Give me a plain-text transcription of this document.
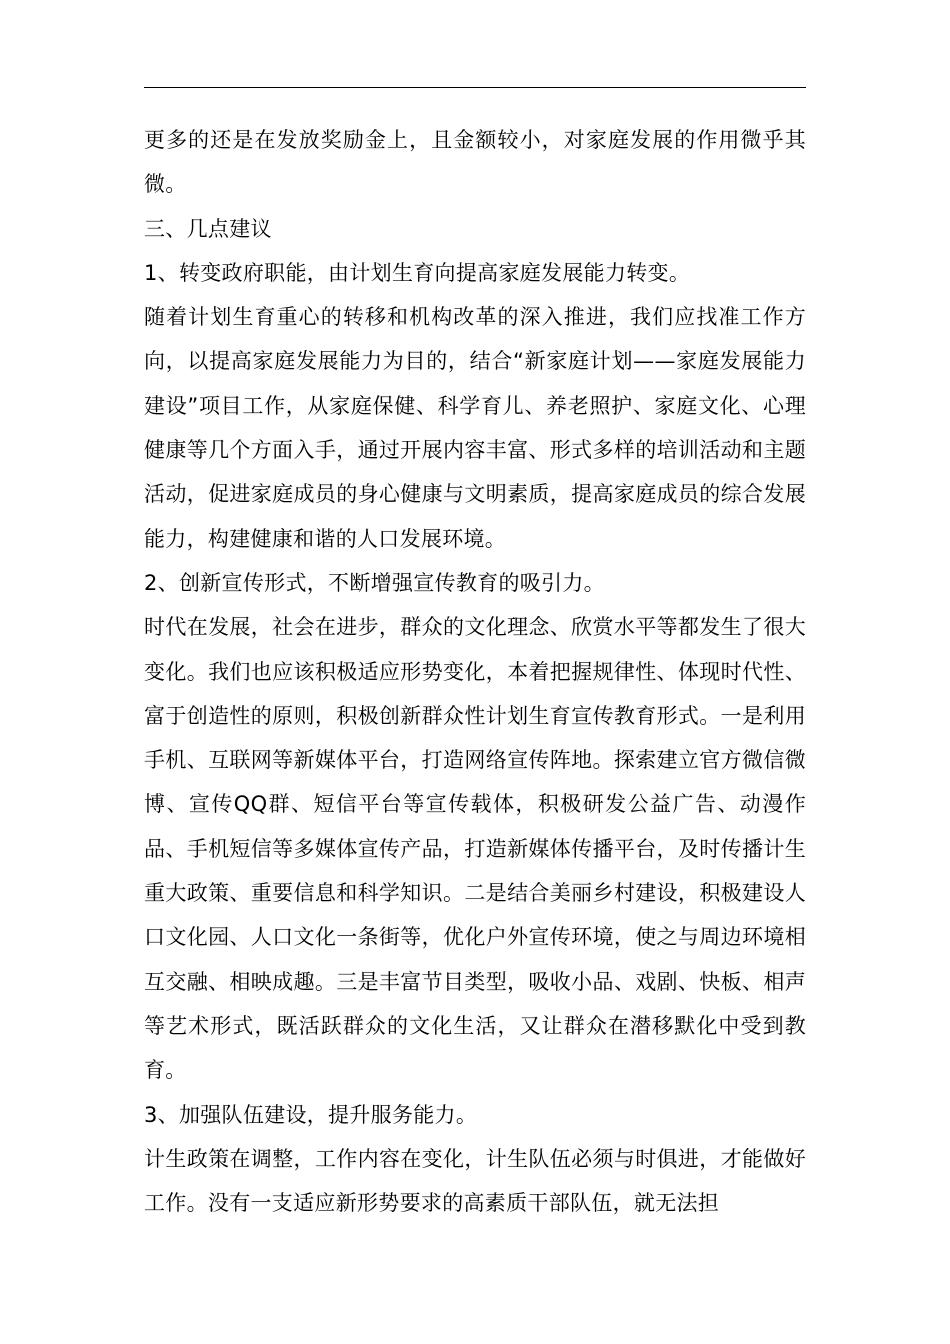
更多的还是在发放奖励金上，且金额较小，对家庭发展的作用微乎其微。

三、几点建议

1、转变政府职能，由计划生育向提高家庭发展能力转变。

随着计划生育重心的转移和机构改革的深入推进，我们应找准工作方向，以提高家庭发展能力为目的，结合“新家庭计划——家庭发展能力建设”项目工作，从家庭保健、科学育儿、养老照护、家庭文化、心理健康等几个方面入手，通过开展内容丰富、形式多样的培训活动和主题活动，促进家庭成员的身心健康与文明素质，提高家庭成员的综合发展能力，构建健康和谐的人口发展环境。

2、创新宣传形式，不断增强宣传教育的吸引力。

时代在发展，社会在进步，群众的文化理念、欣赏水平等都发生了很大变化。我们也应该积极适应形势变化，本着把握规律性、体现时代性、富于创造性的原则，积极创新群众性计划生育宣传教育形式。一是利用手机、互联网等新媒体平台，打造网络宣传阵地。探索建立官方微信微博、宣传QQ群、短信平台等宣传载体，积极研发公益广告、动漫作品、手机短信等多媒体宣传产品，打造新媒体传播平台，及时传播计生重大政策、重要信息和科学知识。二是结合美丽乡村建设，积极建设人口文化园、人口文化一条街等，优化户外宣传环境，使之与周边环境相互交融、相映成趣。三是丰富节目类型，吸收小品、戏剧、快板、相声等艺术形式，既活跃群众的文化生活，又让群众在潜移默化中受到教育。

3、加强队伍建设，提升服务能力。

计生政策在调整，工作内容在变化，计生队伍必须与时俱进，才能做好工作。没有一支适应新形势要求的高素质干部队伍，就无法担
